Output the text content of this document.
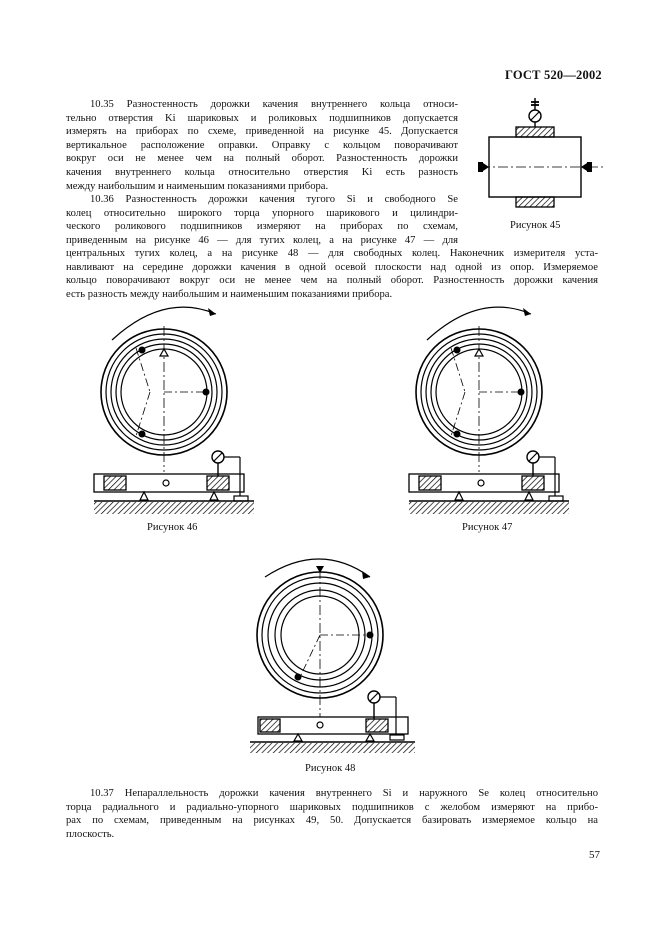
ГОСТ 520—2002
10.35 Разностенность дорожки качения внутреннего кольца относи-
тельно отверстия Ki шариковых и роликовых подшипников допускается
измерять на приборах по схеме, приведенной на рисунке 45. Допускается
вертикальное расположение оправки. Оправку с кольцом поворачивают
вокруг оси не менее чем на полный оборот. Разностенность дорожки
качения внутреннего кольца относительно отверстия Ki есть разность
между наибольшим и наименьшим показаниями прибора.
10.36 Разностенность дорожки качения тугого Si и свободного Se
колец относительно широкого торца упорного шарикового и цилиндри-
ческого роликового подшипников измеряют на приборах по схемам,
приведенным на рисунке 46 — для тугих колец, а на рисунке 47 — для
центральных тугих колец, а на рисунке 48 — для свободных колец. Наконечник измерителя уста-
навливают на середине дорожки качения в одной осевой плоскости над одной из опор. Измеряемое
кольцо поворачивают вокруг оси не менее чем на полный оборот. Разностенность дорожки качения
есть разность между наибольшим и наименьшим показаниями прибора.
Рисунок 45
Рисунок 46	Рисунок 47
Рисунок 48
10.37 Непараллельность дорожки качения внутреннего Si и наружного Se колец относительно
торца радиального и радиально-упорного шариковых подшипников с желобом измеряют на прибо-
рах по схемам, приведенным на рисунках 49, 50. Допускается базировать измеряемое кольцо на
плоскость.
57
